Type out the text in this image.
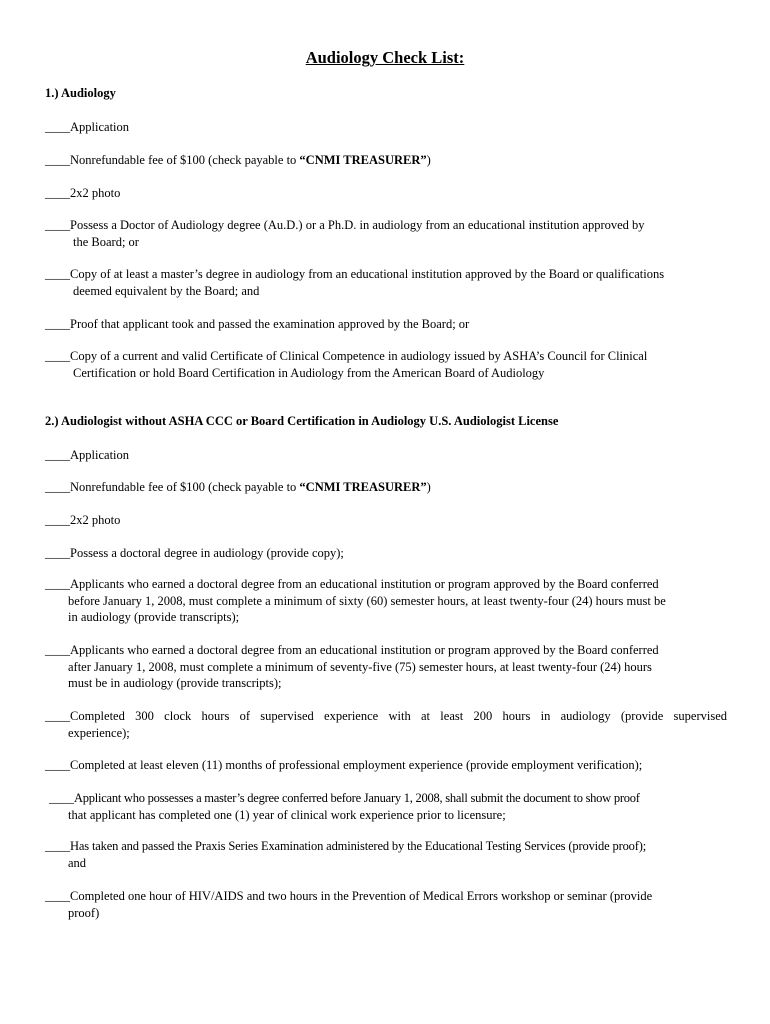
Audiology Check List:
1.) Audiology
____Application
____Nonrefundable fee of $100 (check payable to “CNMI TREASURER”)
____2x2 photo
____Possess a Doctor of Audiology degree (Au.D.) or a Ph.D. in audiology from an educational institution approved by
the Board; or
____Copy of at least a master’s degree in audiology from an educational institution approved by the Board or qualifications
deemed equivalent by the Board; and
____Proof that applicant took and passed the examination approved by the Board; or
____Copy of a current and valid Certificate of Clinical Competence in audiology issued by ASHA’s Council for Clinical
Certification or hold Board Certification in Audiology from the American Board of Audiology
2.) Audiologist without ASHA CCC or Board Certification in Audiology U.S. Audiologist License
____Application
____Nonrefundable fee of $100 (check payable to “CNMI TREASURER”)
____2x2 photo
____Possess a doctoral degree in audiology (provide copy);
____Applicants who earned a doctoral degree from an educational institution or program approved by the Board conferred
before January 1, 2008, must complete a minimum of sixty (60) semester hours, at least twenty-four (24) hours must be
in audiology (provide transcripts);
____Applicants who earned a doctoral degree from an educational institution or program approved by the Board conferred
after January 1, 2008, must complete a minimum of seventy-five (75) semester hours, at least twenty-four (24) hours
must be in audiology (provide transcripts);
____Completed 300 clock hours of supervised experience with at least 200 hours in audiology (provide supervised
experience);
____Completed at least eleven (11) months of professional employment experience (provide employment verification);
____Applicant who possesses a master’s degree conferred before January 1, 2008, shall submit the document to show proof
that applicant has completed one (1) year of clinical work experience prior to licensure;
____Has taken and passed the Praxis Series Examination administered by the Educational Testing Services (provide proof);
and
____Completed one hour of HIV/AIDS and two hours in the Prevention of Medical Errors workshop or seminar (provide
proof)
